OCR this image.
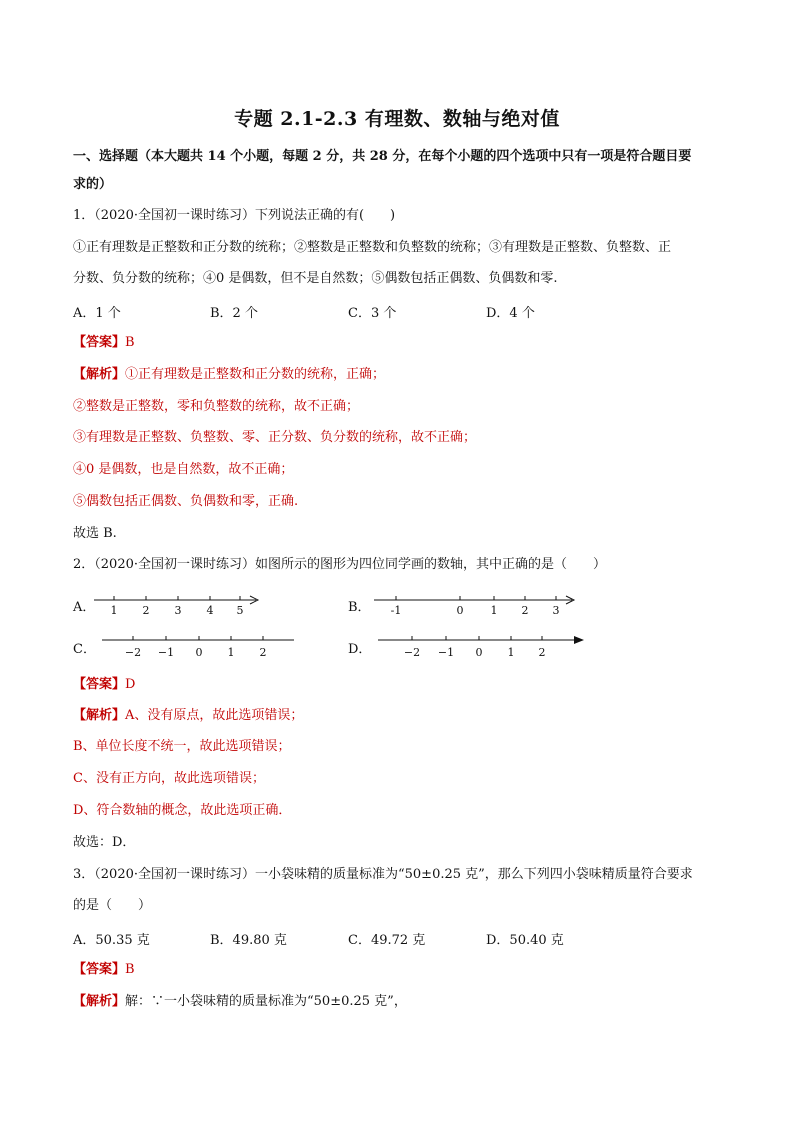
专题 2.1-2.3 有理数、数轴与绝对值
一、选择题（本大题共 14 个小题，每题 2 分，共 28 分，在每个小题的四个选项中只有一项是符合题目要
求的）
1．（2020·全国初一课时练习）下列说法正确的有(　　)
①正有理数是正整数和正分数的统称；②整数是正整数和负整数的统称；③有理数是正整数、负整数、正
分数、负分数的统称；④0 是偶数，但不是自然数；⑤偶数包括正偶数、负偶数和零.
A．1 个	B．2 个	C．3 个	D．4 个
【答案】B
【解析】①正有理数是正整数和正分数的统称，正确；
②整数是正整数，零和负整数的统称，故不正确；
③有理数是正整数、负整数、零、正分数、负分数的统称，故不正确；
④0 是偶数，也是自然数，故不正确；
⑤偶数包括正偶数、负偶数和零，正确.
故选 B.
2．（2020·全国初一课时练习）如图所示的图形为四位同学画的数轴，其中正确的是（　　）
A．	B．
C．	D．
1 2 3 4 5	-1	0 1 2 3
−2 −1 0 1 2	−2 −1 0 1 2
【答案】D
【解析】A、没有原点，故此选项错误；
B、单位长度不统一，故此选项错误；
C、没有正方向，故此选项错误；
D、符合数轴的概念，故此选项正确．
故选：D．
3．（2020·全国初一课时练习）一小袋味精的质量标准为“50±0.25 克”，那么下列四小袋味精质量符合要求
的是（　　）
A．50.35 克	B．49.80 克	C．49.72 克	D．50.40 克
【答案】B
【解析】解：∵一小袋味精的质量标准为“50±0.25 克”，
